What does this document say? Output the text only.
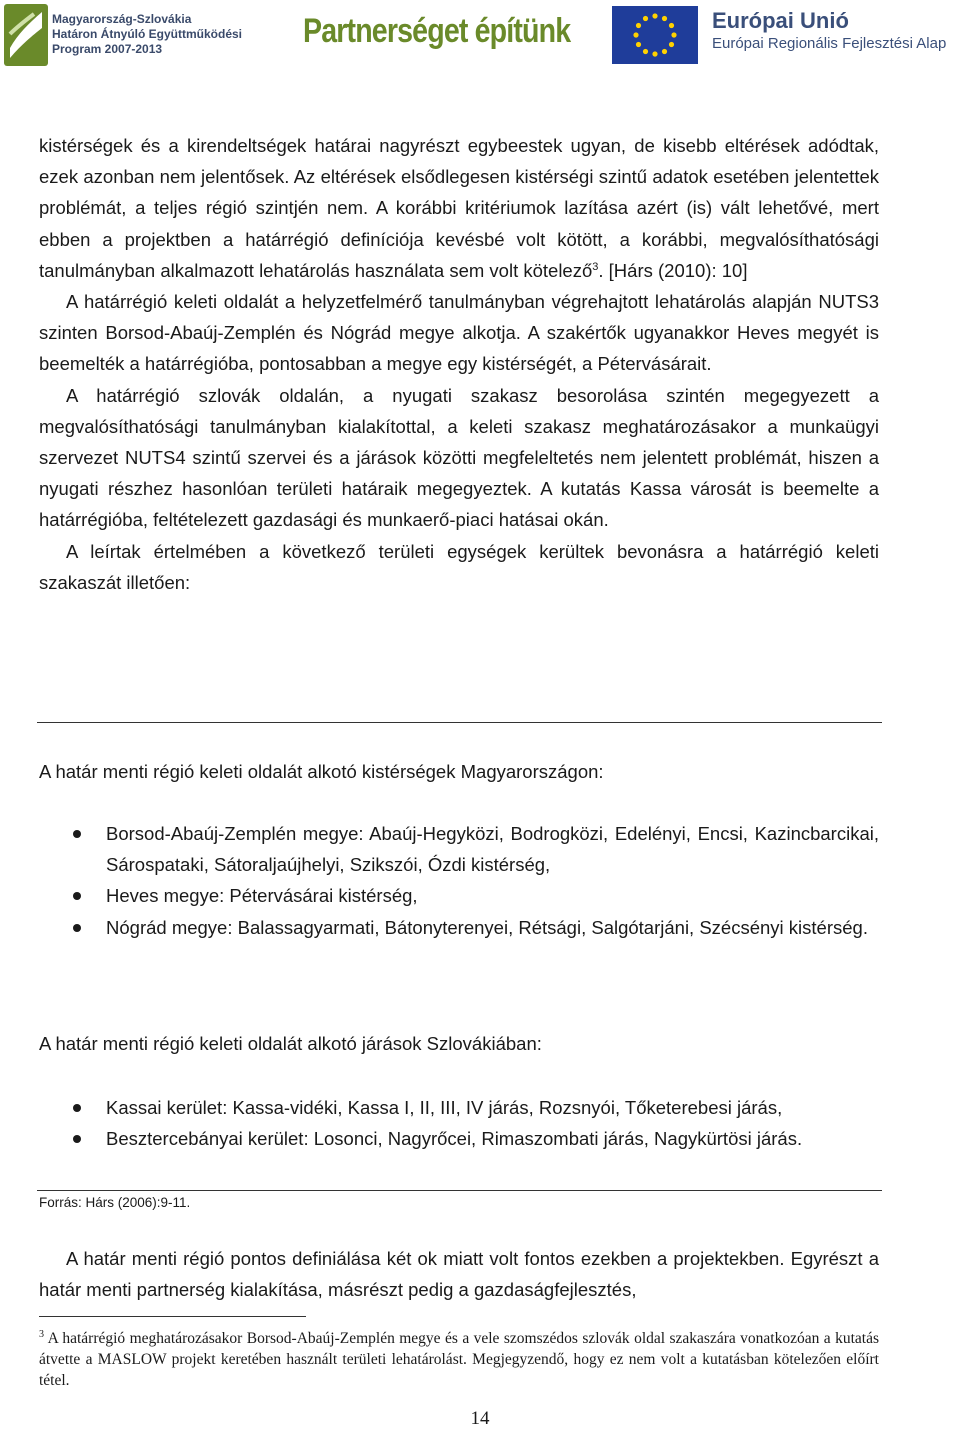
Magyarország-Szlovákia
Határon Átnyúló Együttműködési
Program 2007-2013	Partnerséget építünk	Európai Unió
Európai Regionális Fejlesztési Alap

kistérségek és a kirendeltségek határai nagyrészt egybeestek ugyan, de kisebb eltérések adódtak, ezek azonban nem jelentősek. Az eltérések elsődlegesen kistérségi szintű adatok esetében jelentettek problémát, a teljes régió szintjén nem. A korábbi kritériumok lazítása azért (is) vált lehetővé, mert ebben a projektben a határrégió definíciója kevésbé volt kötött, a korábbi, megvalósíthatósági tanulmányban alkalmazott lehatárolás használata sem volt kötelező$^3$. [Hárs (2010): 10]

A határrégió keleti oldalát a helyzetfelmérő tanulmányban végrehajtott lehatárolás alapján NUTS3 szinten Borsod-Abaúj-Zemplén és Nógrád megye alkotja. A szakértők ugyanakkor Heves megyét is beemelték a határrégióba, pontosabban a megye egy kistérségét, a Pétervásárait.

A határrégió szlovák oldalán, a nyugati szakasz besorolása szintén megegyezett a megvalósíthatósági tanulmányban kialakítottal, a keleti szakasz meghatározásakor a munkaügyi szervezet NUTS4 szintű szervei és a járások közötti megfeleltetés nem jelentett problémát, hiszen a nyugati részhez hasonlóan területi határaik megegyeztek. A kutatás Kassa városát is beemelte a határrégióba, feltételezett gazdasági és munkaerő-piaci hatásai okán.

A leírtak értelmében a következő területi egységek kerültek bevonásra a határrégió keleti szakaszát illetően:

A határ menti régió keleti oldalát alkotó kistérségek Magyarországon:
Borsod-Abaúj-Zemplén megye: Abaúj-Hegyközi, Bodrogközi, Edelényi, Encsi, Kazincbarcikai, Sárospataki, Sátoraljaújhelyi, Szikszói, Ózdi kistérség,
Heves megye: Pétervásárai kistérség,
Nógrád megye: Balassagyarmati, Bátonyterenyei, Rétsági, Salgótarjáni, Szécsényi kistérség.
A határ menti régió keleti oldalát alkotó járások Szlovákiában:
Kassai kerület: Kassa-vidéki, Kassa I, II, III, IV járás, Rozsnyói, Tőketerebesi járás,
Besztercebányai kerület: Losonci, Nagyrőcei, Rimaszombati járás, Nagykürtösi járás.
Forrás: Hárs (2006):9-11.

A határ menti régió pontos definiálása két ok miatt volt fontos ezekben a projektekben. Egyrészt a határ menti partnerség kialakítása, másrészt pedig a gazdaságfejlesztés,

$^3$ A határrégió meghatározásakor Borsod-Abaúj-Zemplén megye és a vele szomszédos szlovák oldal szakaszára vonatkozóan a kutatás átvette a MASLOW projekt keretében használt területi lehatárolást. Megjegyzendő, hogy ez nem volt a kutatásban kötelezően előírt tétel.
14
